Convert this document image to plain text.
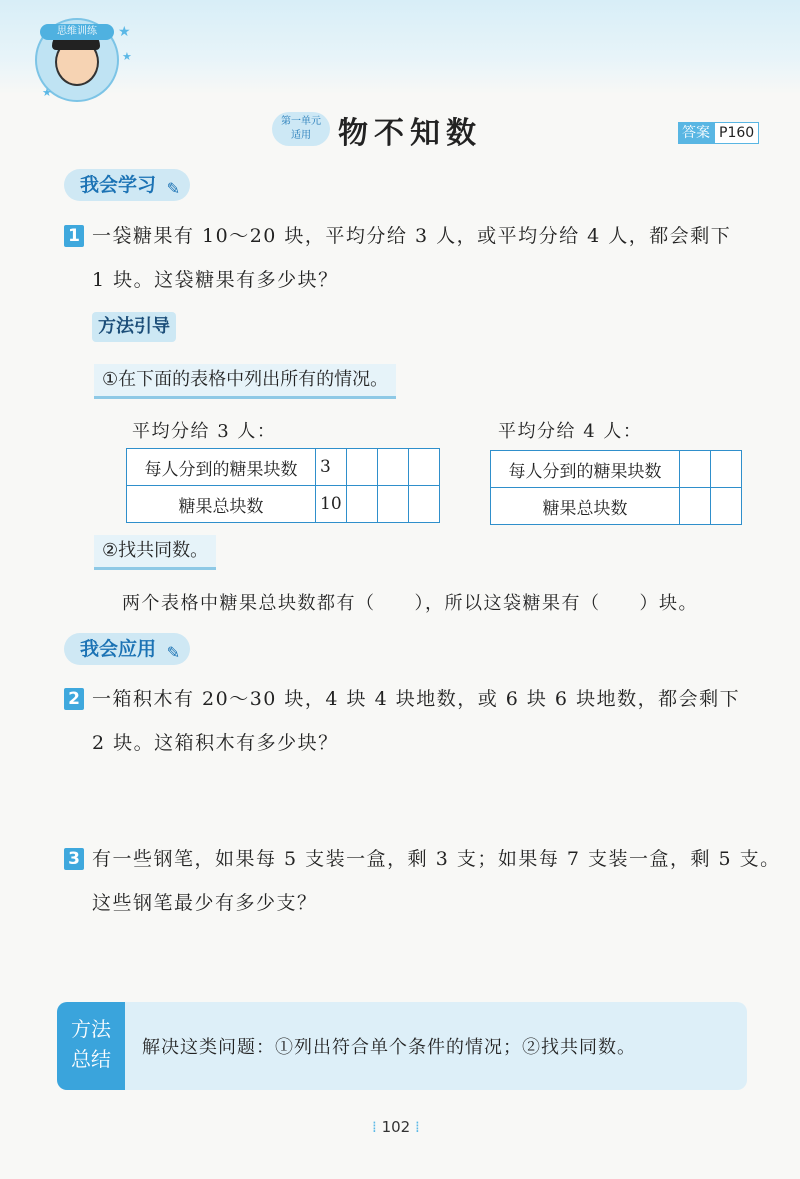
思维训练	★
★
★
第一单元
适用 物不知数	答案 P160
我会学习 ✎
1 一袋糖果有 10～20 块，平均分给 3 人，或平均分给 4 人，都会剩下
1 块。这袋糖果有多少块？
方法引导
①在下面的表格中列出所有的情况。
平均分给 3 人：
每人分到的糖果块数	3			
糖果总块数	10			
平均分给 4 人：
每人分到的糖果块数		
糖果总块数		
②找共同数。
两个表格中糖果总块数都有（　　），所以这袋糖果有（　　）块。
我会应用 ✎
2 一箱积木有 20～30 块，4 块 4 块地数，或 6 块 6 块地数，都会剩下
2 块。这箱积木有多少块？
3 有一些钢笔，如果每 5 支装一盒，剩 3 支；如果每 7 支装一盒，剩 5 支。
这些钢笔最少有多少支？
方法
总结	解决这类问题：①列出符合单个条件的情况；②找共同数。
⁞ 102 ⁞
